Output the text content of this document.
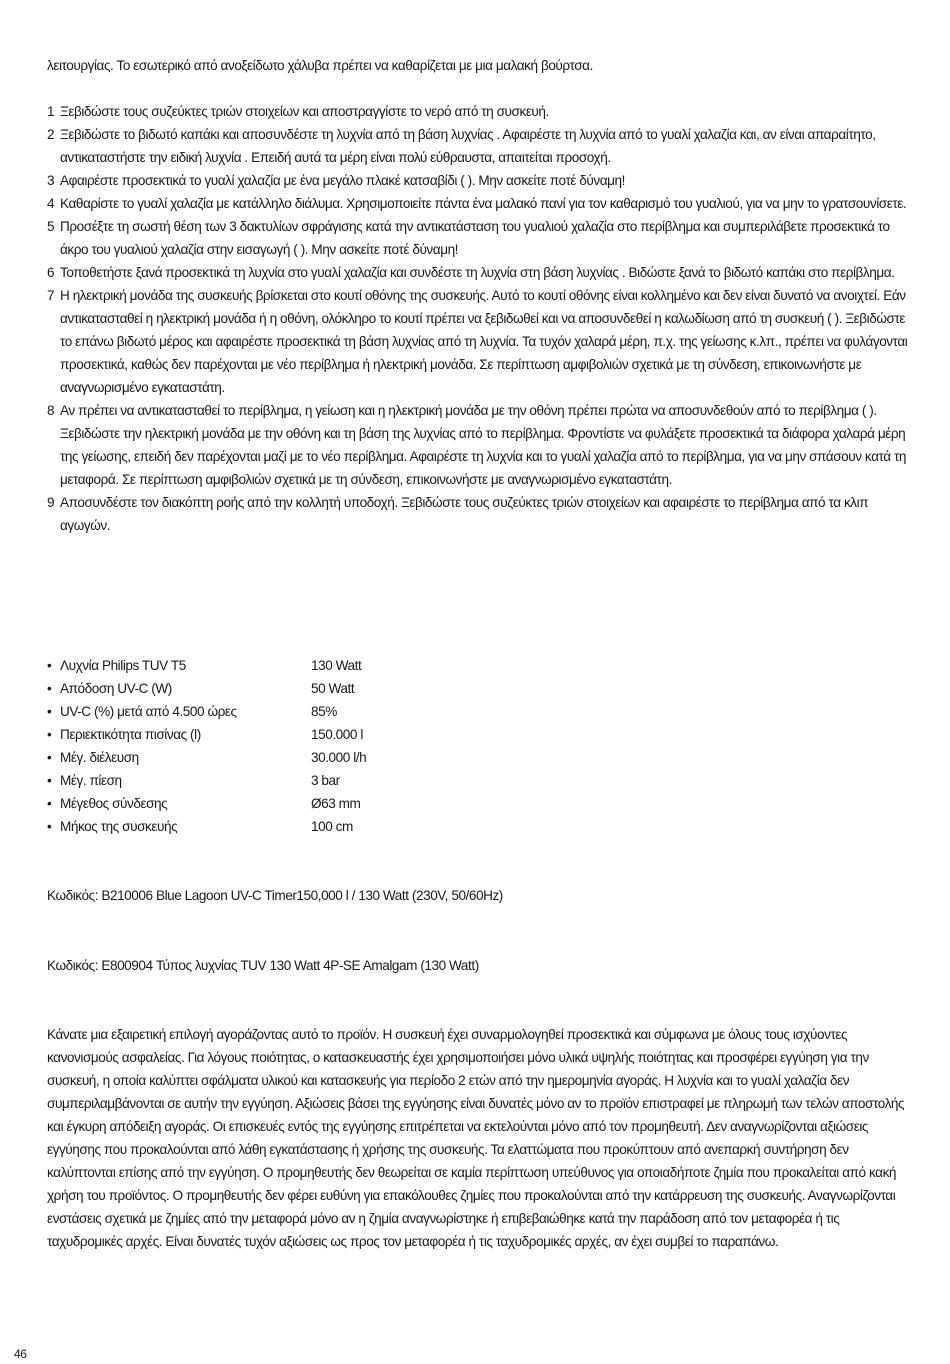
λειτουργίας. Το εσωτερικό από ανοξείδωτο χάλυβα πρέπει να καθαρίζεται με μια μαλακή βούρτσα.

1 Ξεβιδώστε τους συζεύκτες τριών στοιχείων και αποστραγγίστε το νερό από τη συσκευή.
2 Ξεβιδώστε το βιδωτό καπάκι και αποσυνδέστε τη λυχνία από τη βάση λυχνίας . Αφαιρέστε τη λυχνία από το γυαλί χαλαζία και, αν είναι απαραίτητο, αντικαταστήστε την ειδική λυχνία . Επειδή αυτά τα μέρη είναι πολύ εύθραυστα, απαιτείται προσοχή.
3 Αφαιρέστε προσεκτικά το γυαλί χαλαζία με ένα μεγάλο πλακέ κατσαβίδι ( ). Μην ασκείτε ποτέ δύναμη!
4 Καθαρίστε το γυαλί χαλαζία με κατάλληλο διάλυμα. Χρησιμοποιείτε πάντα ένα μαλακό πανί για τον καθαρισμό του γυαλιού, για να μην το γρατσουνίσετε.
5 Προσέξτε τη σωστή θέση των 3 δακτυλίων σφράγισης κατά την αντικατάσταση του γυαλιού χαλαζία στο περίβλημα και συμπεριλάβετε προσεκτικά το άκρο του γυαλιού χαλαζία στην εισαγωγή ( ). Μην ασκείτε ποτέ δύναμη!
6 Τοποθετήστε ξανά προσεκτικά τη λυχνία στο γυαλί χαλαζία και συνδέστε τη λυχνία στη βάση λυχνίας . Βιδώστε ξανά το βιδωτό καπάκι στο περίβλημα.
7 Η ηλεκτρική μονάδα της συσκευής βρίσκεται στο κουτί οθόνης της συσκευής. Αυτό το κουτί οθόνης είναι κολλημένο και δεν είναι δυνατό να ανοιχτεί. Εάν αντικατασταθεί η ηλεκτρική μονάδα ή η οθόνη, ολόκληρο το κουτί πρέπει να ξεβιδωθεί και να αποσυνδεθεί η καλωδίωση από τη συσκευή ( ). Ξεβιδώστε το επάνω βιδωτό μέρος και αφαιρέστε προσεκτικά τη βάση λυχνίας από τη λυχνία. Τα τυχόν χαλαρά μέρη, π.χ. της γείωσης κ.λπ., πρέπει να φυλάγονται προσεκτικά, καθώς δεν παρέχονται με νέο περίβλημα ή ηλεκτρική μονάδα. Σε περίπτωση αμφιβολιών σχετικά με τη σύνδεση, επικοινωνήστε με αναγνωρισμένο εγκαταστάτη.
8 Αν πρέπει να αντικατασταθεί το περίβλημα, η γείωση και η ηλεκτρική μονάδα με την οθόνη πρέπει πρώτα να αποσυνδεθούν από το περίβλημα ( ). Ξεβιδώστε την ηλεκτρική μονάδα με την οθόνη και τη βάση της λυχνίας από το περίβλημα. Φροντίστε να φυλάξετε προσεκτικά τα διάφορα χαλαρά μέρη της γείωσης, επειδή δεν παρέχονται μαζί με το νέο περίβλημα. Αφαιρέστε τη λυχνία και το γυαλί χαλαζία από το περίβλημα, για να μην σπάσουν κατά τη μεταφορά. Σε περίπτωση αμφιβολιών σχετικά με τη σύνδεση, επικοινωνήστε με αναγνωρισμένο εγκαταστάτη.
9 Αποσυνδέστε τον διακόπτη ροής από την κολλητή υποδοχή. Ξεβιδώστε τους συζεύκτες τριών στοιχείων και αφαιρέστε το περίβλημα από τα κλιπ αγωγών.
• Λυχνία Philips TUV T5	130 Watt
• Απόδοση UV-C (W)	50 Watt
• UV-C (%) μετά από 4.500 ώρες	85%
• Περιεκτικότητα πισίνας (l)	150.000 l
• Μέγ. διέλευση	30.000 l/h
• Μέγ. πίεση	3 bar
• Μέγεθος σύνδεσης	Ø63 mm
• Μήκος της συσκευής	100 cm

Κωδικός: B210006 Blue Lagoon UV-C Timer150,000 l / 130 Watt (230V, 50/60Hz)

Κωδικός: E800904 Τύπος λυχνίας TUV 130 Watt 4P-SE Amalgam (130 Watt)

Κάνατε μια εξαιρετική επιλογή αγοράζοντας αυτό το προϊόν. Η συσκευή έχει συναρμολογηθεί προσεκτικά και σύμφωνα με όλους τους ισχύοντες κανονισμούς ασφαλείας. Για λόγους ποιότητας, ο κατασκευαστής έχει χρησιμοποιήσει μόνο υλικά υψηλής ποιότητας και προσφέρει εγγύηση για την συσκευή, η οποία καλύπτει σφάλματα υλικού και κατασκευής για περίοδο 2 ετών από την ημερομηνία αγοράς. Η λυχνία και το γυαλί χαλαζία δεν συμπεριλαμβάνονται σε αυτήν την εγγύηση. Αξιώσεις βάσει της εγγύησης είναι δυνατές μόνο αν το προϊόν επιστραφεί με πληρωμή των τελών αποστολής και έγκυρη απόδειξη αγοράς. Οι επισκευές εντός της εγγύησης επιτρέπεται να εκτελούνται μόνο από τον προμηθευτή. Δεν αναγνωρίζονται αξιώσεις εγγύησης που προκαλούνται από λάθη εγκατάστασης ή χρήσης της συσκευής. Τα ελαττώματα που προκύπτουν από ανεπαρκή συντήρηση δεν καλύπτονται επίσης από την εγγύηση. Ο προμηθευτής δεν θεωρείται σε καμία περίπτωση υπεύθυνος για οποιαδήποτε ζημία που προκαλείται από κακή χρήση του προϊόντος. Ο προμηθευτής δεν φέρει ευθύνη για επακόλουθες ζημίες που προκαλούνται από την κατάρρευση της συσκευής. Αναγνωρίζονται ενστάσεις σχετικά με ζημίες από την μεταφορά μόνο αν η ζημία αναγνωρίστηκε ή επιβεβαιώθηκε κατά την παράδοση από τον μεταφορέα ή τις ταχυδρομικές αρχές. Είναι δυνατές τυχόν αξιώσεις ως προς τον μεταφορέα ή τις ταχυδρομικές αρχές, αν έχει συμβεί το παραπάνω.

46
